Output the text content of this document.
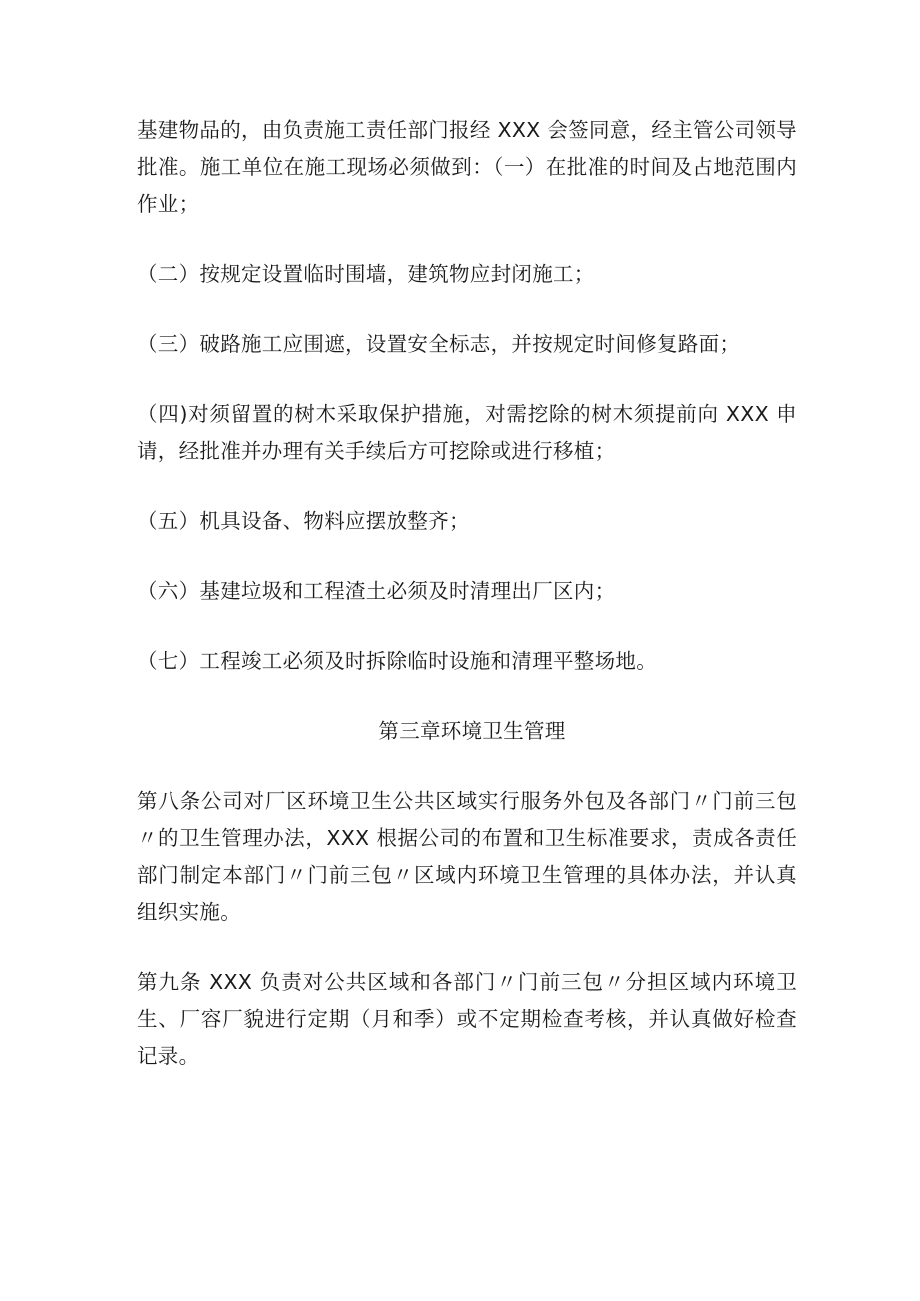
基建物品的，由负责施工责任部门报经 XXX 会签同意，经主管公司领导批准。施工单位在施工现场必须做到：（一）在批准的时间及占地范围内作业；

（二）按规定设置临时围墙，建筑物应封闭施工；

（三）破路施工应围遮，设置安全标志，并按规定时间修复路面；

（四)对须留置的树木采取保护措施，对需挖除的树木须提前向 XXX 申请，经批准并办理有关手续后方可挖除或进行移植；

（五）机具设备、物料应摆放整齐；

（六）基建垃圾和工程渣土必须及时清理出厂区内；

（七）工程竣工必须及时拆除临时设施和清理平整场地。

第三章环境卫生管理

第八条公司对厂区环境卫生公共区域实行服务外包及各部门〃门前三包〃的卫生管理办法，XXX 根据公司的布置和卫生标准要求，责成各责任部门制定本部门〃门前三包〃区域内环境卫生管理的具体办法，并认真组织实施。

第九条 XXX 负责对公共区域和各部门〃门前三包〃分担区域内环境卫生、厂容厂貌进行定期（月和季）或不定期检查考核，并认真做好检查记录。
